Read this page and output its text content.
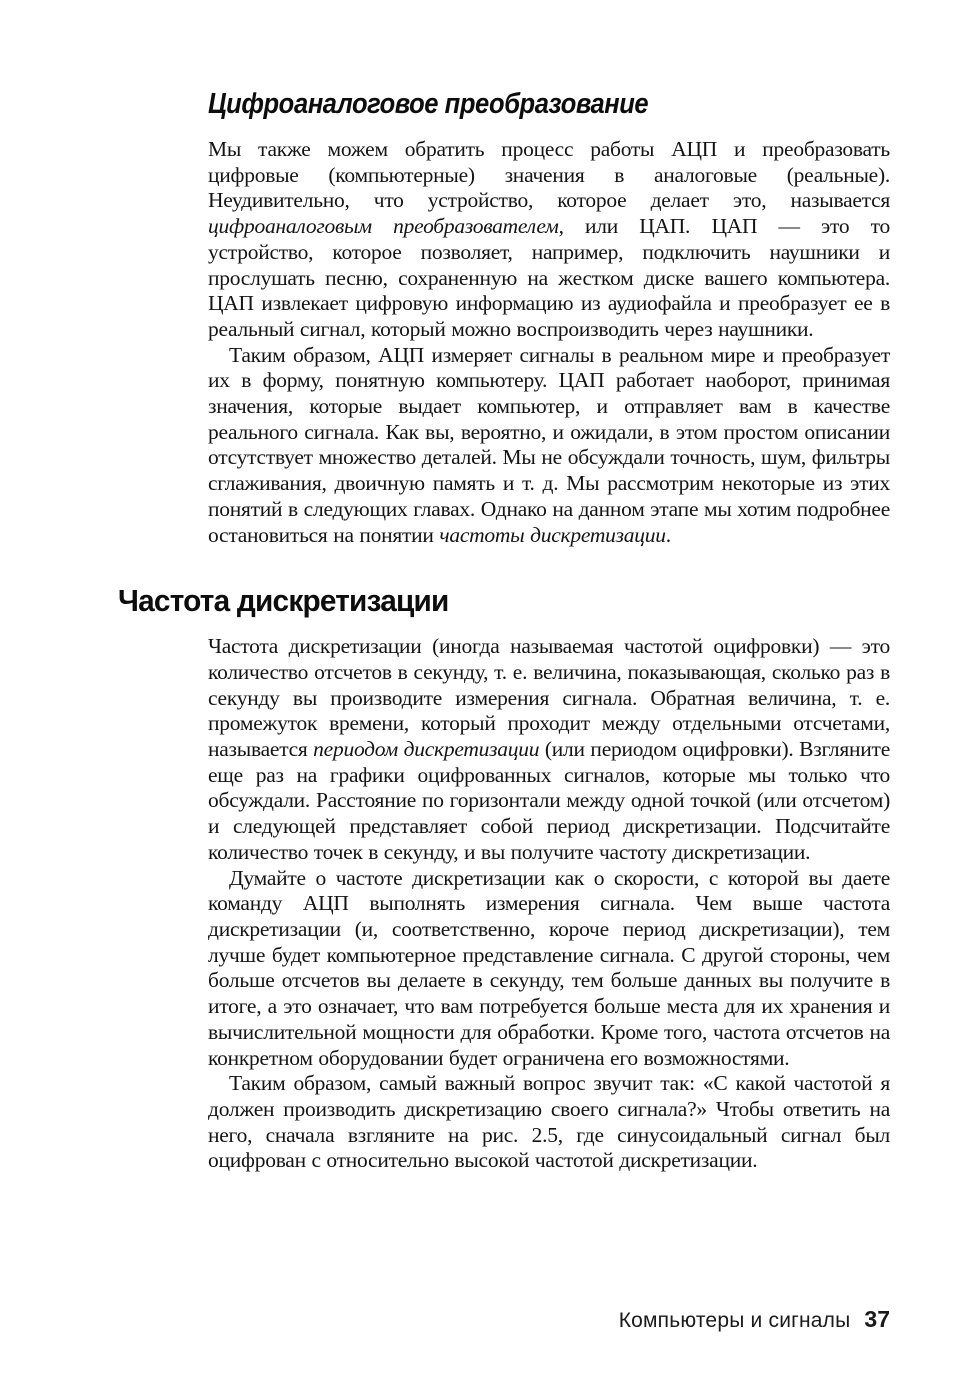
Цифроаналоговое преобразование

Мы также можем обратить процесс работы АЦП и преобразовать цифровые (компьютерные) значения в аналоговые (реальные). Неудивительно, что устройство, которое делает это, называется цифроаналоговым преобразователем, или ЦАП. ЦАП — это то устройство, которое позволяет, например, подключить наушники и прослушать песню, сохраненную на жестком диске вашего компьютера. ЦАП извлекает цифровую информацию из аудиофайла и преобразует ее в реальный сигнал, который можно воспроизводить через наушники.

Таким образом, АЦП измеряет сигналы в реальном мире и преобразует их в форму, понятную компьютеру. ЦАП работает наоборот, принимая значения, которые выдает компьютер, и отправляет вам в качестве реального сигнала. Как вы, вероятно, и ожидали, в этом простом описании отсутствует множество деталей. Мы не обсуждали точность, шум, фильтры сглаживания, двоичную память и т. д. Мы рассмотрим некоторые из этих понятий в следующих главах. Однако на данном этапе мы хотим подробнее остановиться на понятии частоты дискретизации.

Частота дискретизации

Частота дискретизации (иногда называемая частотой оцифровки) — это количество отсчетов в секунду, т. е. величина, показывающая, сколько раз в секунду вы производите измерения сигнала. Обратная величина, т. е. промежуток времени, который проходит между отдельными отсчетами, называется периодом дискретизации (или периодом оцифровки). Взгляните еще раз на графики оцифрованных сигналов, которые мы только что обсуждали. Расстояние по горизонтали между одной точкой (или отсчетом) и следующей представляет собой период дискретизации. Подсчитайте количество точек в секунду, и вы получите частоту дискретизации.

Думайте о частоте дискретизации как о скорости, с которой вы даете команду АЦП выполнять измерения сигнала. Чем выше частота дискретизации (и, соответственно, короче период дискретизации), тем лучше будет компьютерное представление сигнала. С другой стороны, чем больше отсчетов вы делаете в секунду, тем больше данных вы получите в итоге, а это означает, что вам потребуется больше места для их хранения и вычислительной мощности для обработки. Кроме того, частота отсчетов на конкретном оборудовании будет ограничена его возможностями.

Таким образом, самый важный вопрос звучит так: «С какой частотой я должен производить дискретизацию своего сигнала?» Чтобы ответить на него, сначала взгляните на рис. 2.5, где синусоидальный сигнал был оцифрован с относительно высокой частотой дискретизации.

Компьютеры и сигналы 37
